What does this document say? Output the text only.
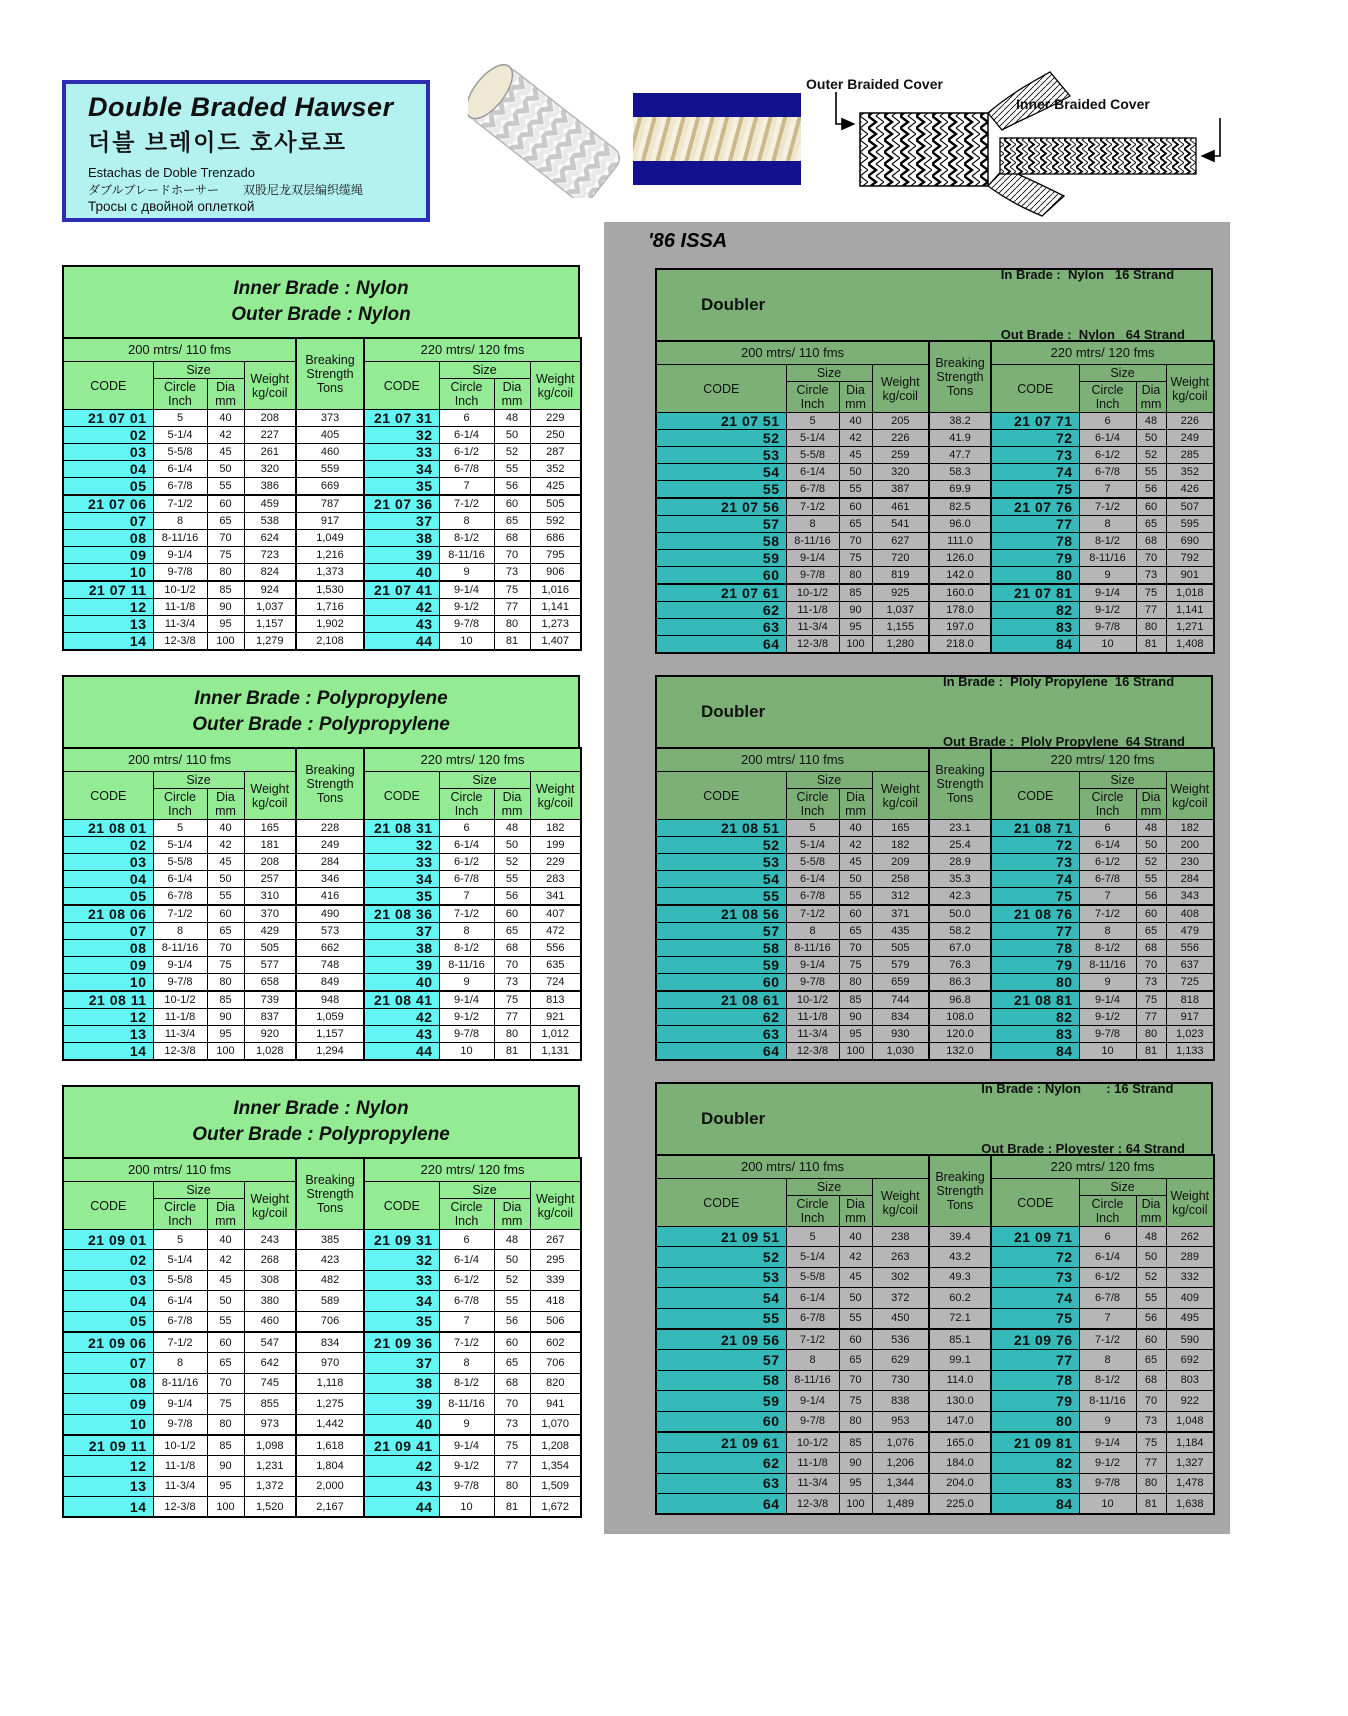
Double Braded Hawser
더블 브레이드 호사로프
Estachas de Doble Trenzado
ダブルブレードホーサー　　双股尼龙双层编织缆绳
Тросы с двойной оплеткой
Outer Braided Cover
Inner Braided Cover
Inner Brade : Nylon
Outer Brade : Nylon
200 mtrs/ 110 fms				Breaking
Strength
Tons	220 mtrs/ 120 fms			
CODE	Size		Weight
kg/coil		CODE	Size		Weight
kg/coil
	Circle
Inch	Dia
mm				Circle
Inch	Dia
mm	
21 07 01	5	40	208	373	21 07 31	6	48	229
02	5-1/4	42	227	405	32	6-1/4	50	250
03	5-5/8	45	261	460	33	6-1/2	52	287
04	6-1/4	50	320	559	34	6-7/8	55	352
05	6-7/8	55	386	669	35	7	56	425
21 07 06	7-1/2	60	459	787	21 07 36	7-1/2	60	505
07	8	65	538	917	37	8	65	592
08	8-11/16	70	624	1,049	38	8-1/2	68	686
09	9-1/4	75	723	1,216	39	8-11/16	70	795
10	9-7/8	80	824	1,373	40	9	73	906
21 07 11	10-1/2	85	924	1,530	21 07 41	9-1/4	75	1,016
12	11-1/8	90	1,037	1,716	42	9-1/2	77	1,141
13	11-3/4	95	1,157	1,902	43	9-7/8	80	1,273
14	12-3/8	100	1,279	2,108	44	10	81	1,407
Inner Brade : Polypropylene
Outer Brade : Polypropylene
200 mtrs/ 110 fms				Breaking
Strength
Tons	220 mtrs/ 120 fms			
CODE	Size		Weight
kg/coil		CODE	Size		Weight
kg/coil
	Circle
Inch	Dia
mm				Circle
Inch	Dia
mm	
21 08 01	5	40	165	228	21 08 31	6	48	182
02	5-1/4	42	181	249	32	6-1/4	50	199
03	5-5/8	45	208	284	33	6-1/2	52	229
04	6-1/4	50	257	346	34	6-7/8	55	283
05	6-7/8	55	310	416	35	7	56	341
21 08 06	7-1/2	60	370	490	21 08 36	7-1/2	60	407
07	8	65	429	573	37	8	65	472
08	8-11/16	70	505	662	38	8-1/2	68	556
09	9-1/4	75	577	748	39	8-11/16	70	635
10	9-7/8	80	658	849	40	9	73	724
21 08 11	10-1/2	85	739	948	21 08 41	9-1/4	75	813
12	11-1/8	90	837	1,059	42	9-1/2	77	921
13	11-3/4	95	920	1,157	43	9-7/8	80	1,012
14	12-3/8	100	1,028	1,294	44	10	81	1,131
Inner Brade : Nylon
Outer Brade : Polypropylene
200 mtrs/ 110 fms				Breaking
Strength
Tons	220 mtrs/ 120 fms			
CODE	Size		Weight
kg/coil		CODE	Size		Weight
kg/coil
	Circle
Inch	Dia
mm				Circle
Inch	Dia
mm	
21 09 01	5	40	243	385	21 09 31	6	48	267
02	5-1/4	42	268	423	32	6-1/4	50	295
03	5-5/8	45	308	482	33	6-1/2	52	339
04	6-1/4	50	380	589	34	6-7/8	55	418
05	6-7/8	55	460	706	35	7	56	506
21 09 06	7-1/2	60	547	834	21 09 36	7-1/2	60	602
07	8	65	642	970	37	8	65	706
08	8-11/16	70	745	1,118	38	8-1/2	68	820
09	9-1/4	75	855	1,275	39	8-11/16	70	941
10	9-7/8	80	973	1,442	40	9	73	1,070
21 09 11	10-1/2	85	1,098	1,618	21 09 41	9-1/4	75	1,208
12	11-1/8	90	1,231	1,804	42	9-1/2	77	1,354
13	11-3/4	95	1,372	2,000	43	9-7/8	80	1,509
14	12-3/8	100	1,520	2,167	44	10	81	1,672
'86 ISSA
Doubler

In Brade :  Nylon   16 Strand

Out Brade :  Nylon   64 Strand

200 mtrs/ 110 fms				Breaking
Strength
Tons	220 mtrs/ 120 fms			
CODE	Size		Weight
kg/coil		CODE	Size		Weight
kg/coil
	Circle
Inch	Dia
mm				Circle
Inch	Dia
mm	
21 07 51	5	40	205	38.2	21 07 71	6	48	226
52	5-1/4	42	226	41.9	72	6-1/4	50	249
53	5-5/8	45	259	47.7	73	6-1/2	52	285
54	6-1/4	50	320	58.3	74	6-7/8	55	352
55	6-7/8	55	387	69.9	75	7	56	426
21 07 56	7-1/2	60	461	82.5	21 07 76	7-1/2	60	507
57	8	65	541	96.0	77	8	65	595
58	8-11/16	70	627	111.0	78	8-1/2	68	690
59	9-1/4	75	720	126.0	79	8-11/16	70	792
60	9-7/8	80	819	142.0	80	9	73	901
21 07 61	10-1/2	85	925	160.0	21 07 81	9-1/4	75	1,018
62	11-1/8	90	1,037	178.0	82	9-1/2	77	1,141
63	11-3/4	95	1,155	197.0	83	9-7/8	80	1,271
64	12-3/8	100	1,280	218.0	84	10	81	1,408
Doubler

In Brade :  Ploly Propylene  16 Strand

Out Brade :  Ploly Propylene  64 Strand

200 mtrs/ 110 fms				Breaking
Strength
Tons	220 mtrs/ 120 fms			
CODE	Size		Weight
kg/coil		CODE	Size		Weight
kg/coil
	Circle
Inch	Dia
mm				Circle
Inch	Dia
mm	
21 08 51	5	40	165	23.1	21 08 71	6	48	182
52	5-1/4	42	182	25.4	72	6-1/4	50	200
53	5-5/8	45	209	28.9	73	6-1/2	52	230
54	6-1/4	50	258	35.3	74	6-7/8	55	284
55	6-7/8	55	312	42.3	75	7	56	343
21 08 56	7-1/2	60	371	50.0	21 08 76	7-1/2	60	408
57	8	65	435	58.2	77	8	65	479
58	8-11/16	70	505	67.0	78	8-1/2	68	556
59	9-1/4	75	579	76.3	79	8-11/16	70	637
60	9-7/8	80	659	86.3	80	9	73	725
21 08 61	10-1/2	85	744	96.8	21 08 81	9-1/4	75	818
62	11-1/8	90	834	108.0	82	9-1/2	77	917
63	11-3/4	95	930	120.0	83	9-7/8	80	1,023
64	12-3/8	100	1,030	132.0	84	10	81	1,133
Doubler

In Brade : Nylon       : 16 Strand

Out Brade : Ployester : 64 Strand

200 mtrs/ 110 fms				Breaking
Strength
Tons	220 mtrs/ 120 fms			
CODE	Size		Weight
kg/coil		CODE	Size		Weight
kg/coil
	Circle
Inch	Dia
mm				Circle
Inch	Dia
mm	
21 09 51	5	40	238	39.4	21 09 71	6	48	262
52	5-1/4	42	263	43.2	72	6-1/4	50	289
53	5-5/8	45	302	49.3	73	6-1/2	52	332
54	6-1/4	50	372	60.2	74	6-7/8	55	409
55	6-7/8	55	450	72.1	75	7	56	495
21 09 56	7-1/2	60	536	85.1	21 09 76	7-1/2	60	590
57	8	65	629	99.1	77	8	65	692
58	8-11/16	70	730	114.0	78	8-1/2	68	803
59	9-1/4	75	838	130.0	79	8-11/16	70	922
60	9-7/8	80	953	147.0	80	9	73	1,048
21 09 61	10-1/2	85	1,076	165.0	21 09 81	9-1/4	75	1,184
62	11-1/8	90	1,206	184.0	82	9-1/2	77	1,327
63	11-3/4	95	1,344	204.0	83	9-7/8	80	1,478
64	12-3/8	100	1,489	225.0	84	10	81	1,638
